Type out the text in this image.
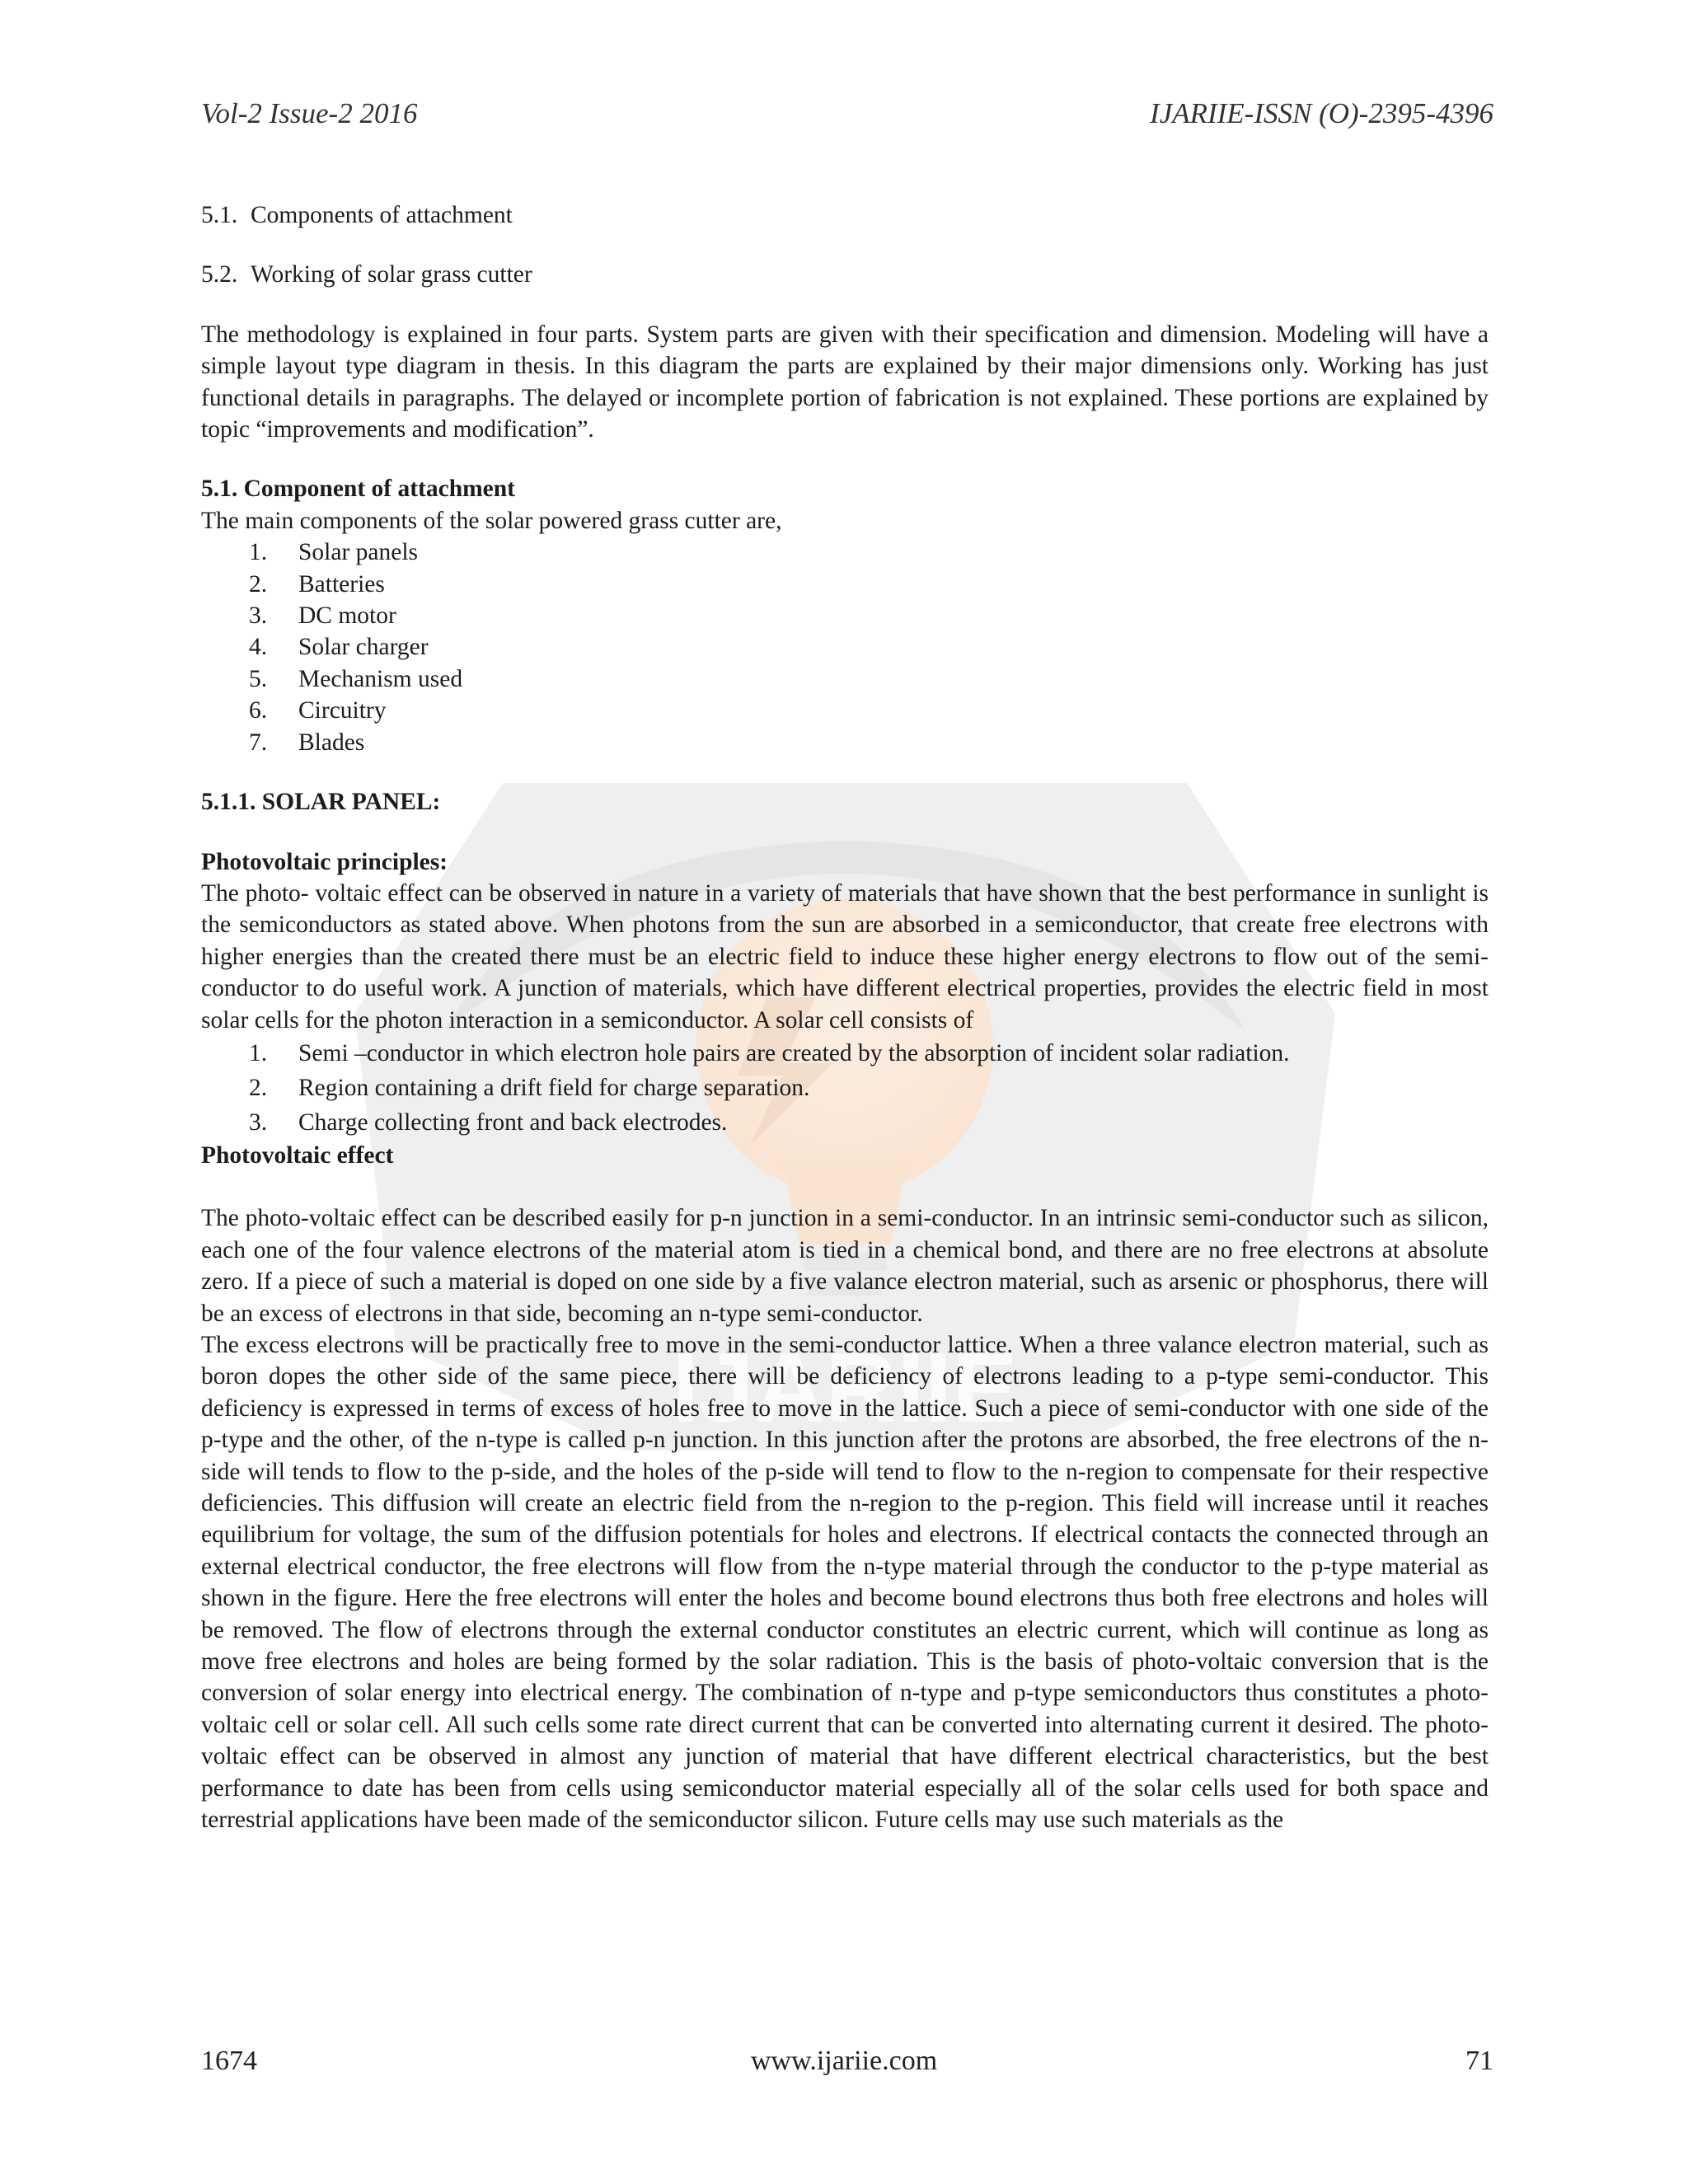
IJARIIE
Vol-2 Issue-2 2016	IJARIIE-ISSN (O)-2395-4396

5.1. Components of attachment

5.2. Working of solar grass cutter

The methodology is explained in four parts. System parts are given with their specification and dimension. Modeling will have a simple layout type diagram in thesis. In this diagram the parts are explained by their major dimensions only. Working has just functional details in paragraphs. The delayed or incomplete portion of fabrication is not explained. These portions are explained by topic “improvements and modification”.

5.1. Component of attachment

The main components of the solar powered grass cutter are,

1. Solar panels
2. Batteries
3. DC motor
4. Solar charger
5. Mechanism used
6. Circuitry
7. Blades

5.1.1. SOLAR PANEL:

Photovoltaic principles:

The photo- voltaic effect can be observed in nature in a variety of materials that have shown that the best performance in sunlight is the semiconductors as stated above. When photons from the sun are absorbed in a semiconductor, that create free electrons with higher energies than the created there must be an electric field to induce these higher energy electrons to flow out of the semi-conductor to do useful work. A junction of materials, which have different electrical properties, provides the electric field in most solar cells for the photon interaction in a semiconductor. A solar cell consists of

1. Semi –conductor in which electron hole pairs are created by the absorption of incident solar radiation.
2. Region containing a drift field for charge separation.
3. Charge collecting front and back electrodes.

Photovoltaic effect

The photo-voltaic effect can be described easily for p-n junction in a semi-conductor. In an intrinsic semi-conductor such as silicon, each one of the four valence electrons of the material atom is tied in a chemical bond, and there are no free electrons at absolute zero. If a piece of such a material is doped on one side by a five valance electron material, such as arsenic or phosphorus, there will be an excess of electrons in that side, becoming an n-type semi-conductor.

The excess electrons will be practically free to move in the semi-conductor lattice. When a three valance electron material, such as boron dopes the other side of the same piece, there will be deficiency of electrons leading to a p-type semi-conductor. This deficiency is expressed in terms of excess of holes free to move in the lattice. Such a piece of semi-conductor with one side of the p-type and the other, of the n-type is called p-n junction. In this junction after the protons are absorbed, the free electrons of the n-side will tends to flow to the p-side, and the holes of the p-side will tend to flow to the n-region to compensate for their respective deficiencies. This diffusion will create an electric field from the n-region to the p-region. This field will increase until it reaches equilibrium for voltage, the sum of the diffusion potentials for holes and electrons. If electrical contacts the connected through an external electrical conductor, the free electrons will flow from the n-type material through the conductor to the p-type material as shown in the figure. Here the free electrons will enter the holes and become bound electrons thus both free electrons and holes will be removed. The flow of electrons through the external conductor constitutes an electric current, which will continue as long as move free electrons and holes are being formed by the solar radiation. This is the basis of photo-voltaic conversion that is the conversion of solar energy into electrical energy. The combination of n-type and p-type semiconductors thus constitutes a photo-voltaic cell or solar cell. All such cells some rate direct current that can be converted into alternating current it desired. The photo-voltaic effect can be observed in almost any junction of material that have different electrical characteristics, but the best performance to date has been from cells using semiconductor material especially all of the solar cells used for both space and terrestrial applications have been made of the semiconductor silicon. Future cells may use such materials as the

www.ijariie.com
1674	71
